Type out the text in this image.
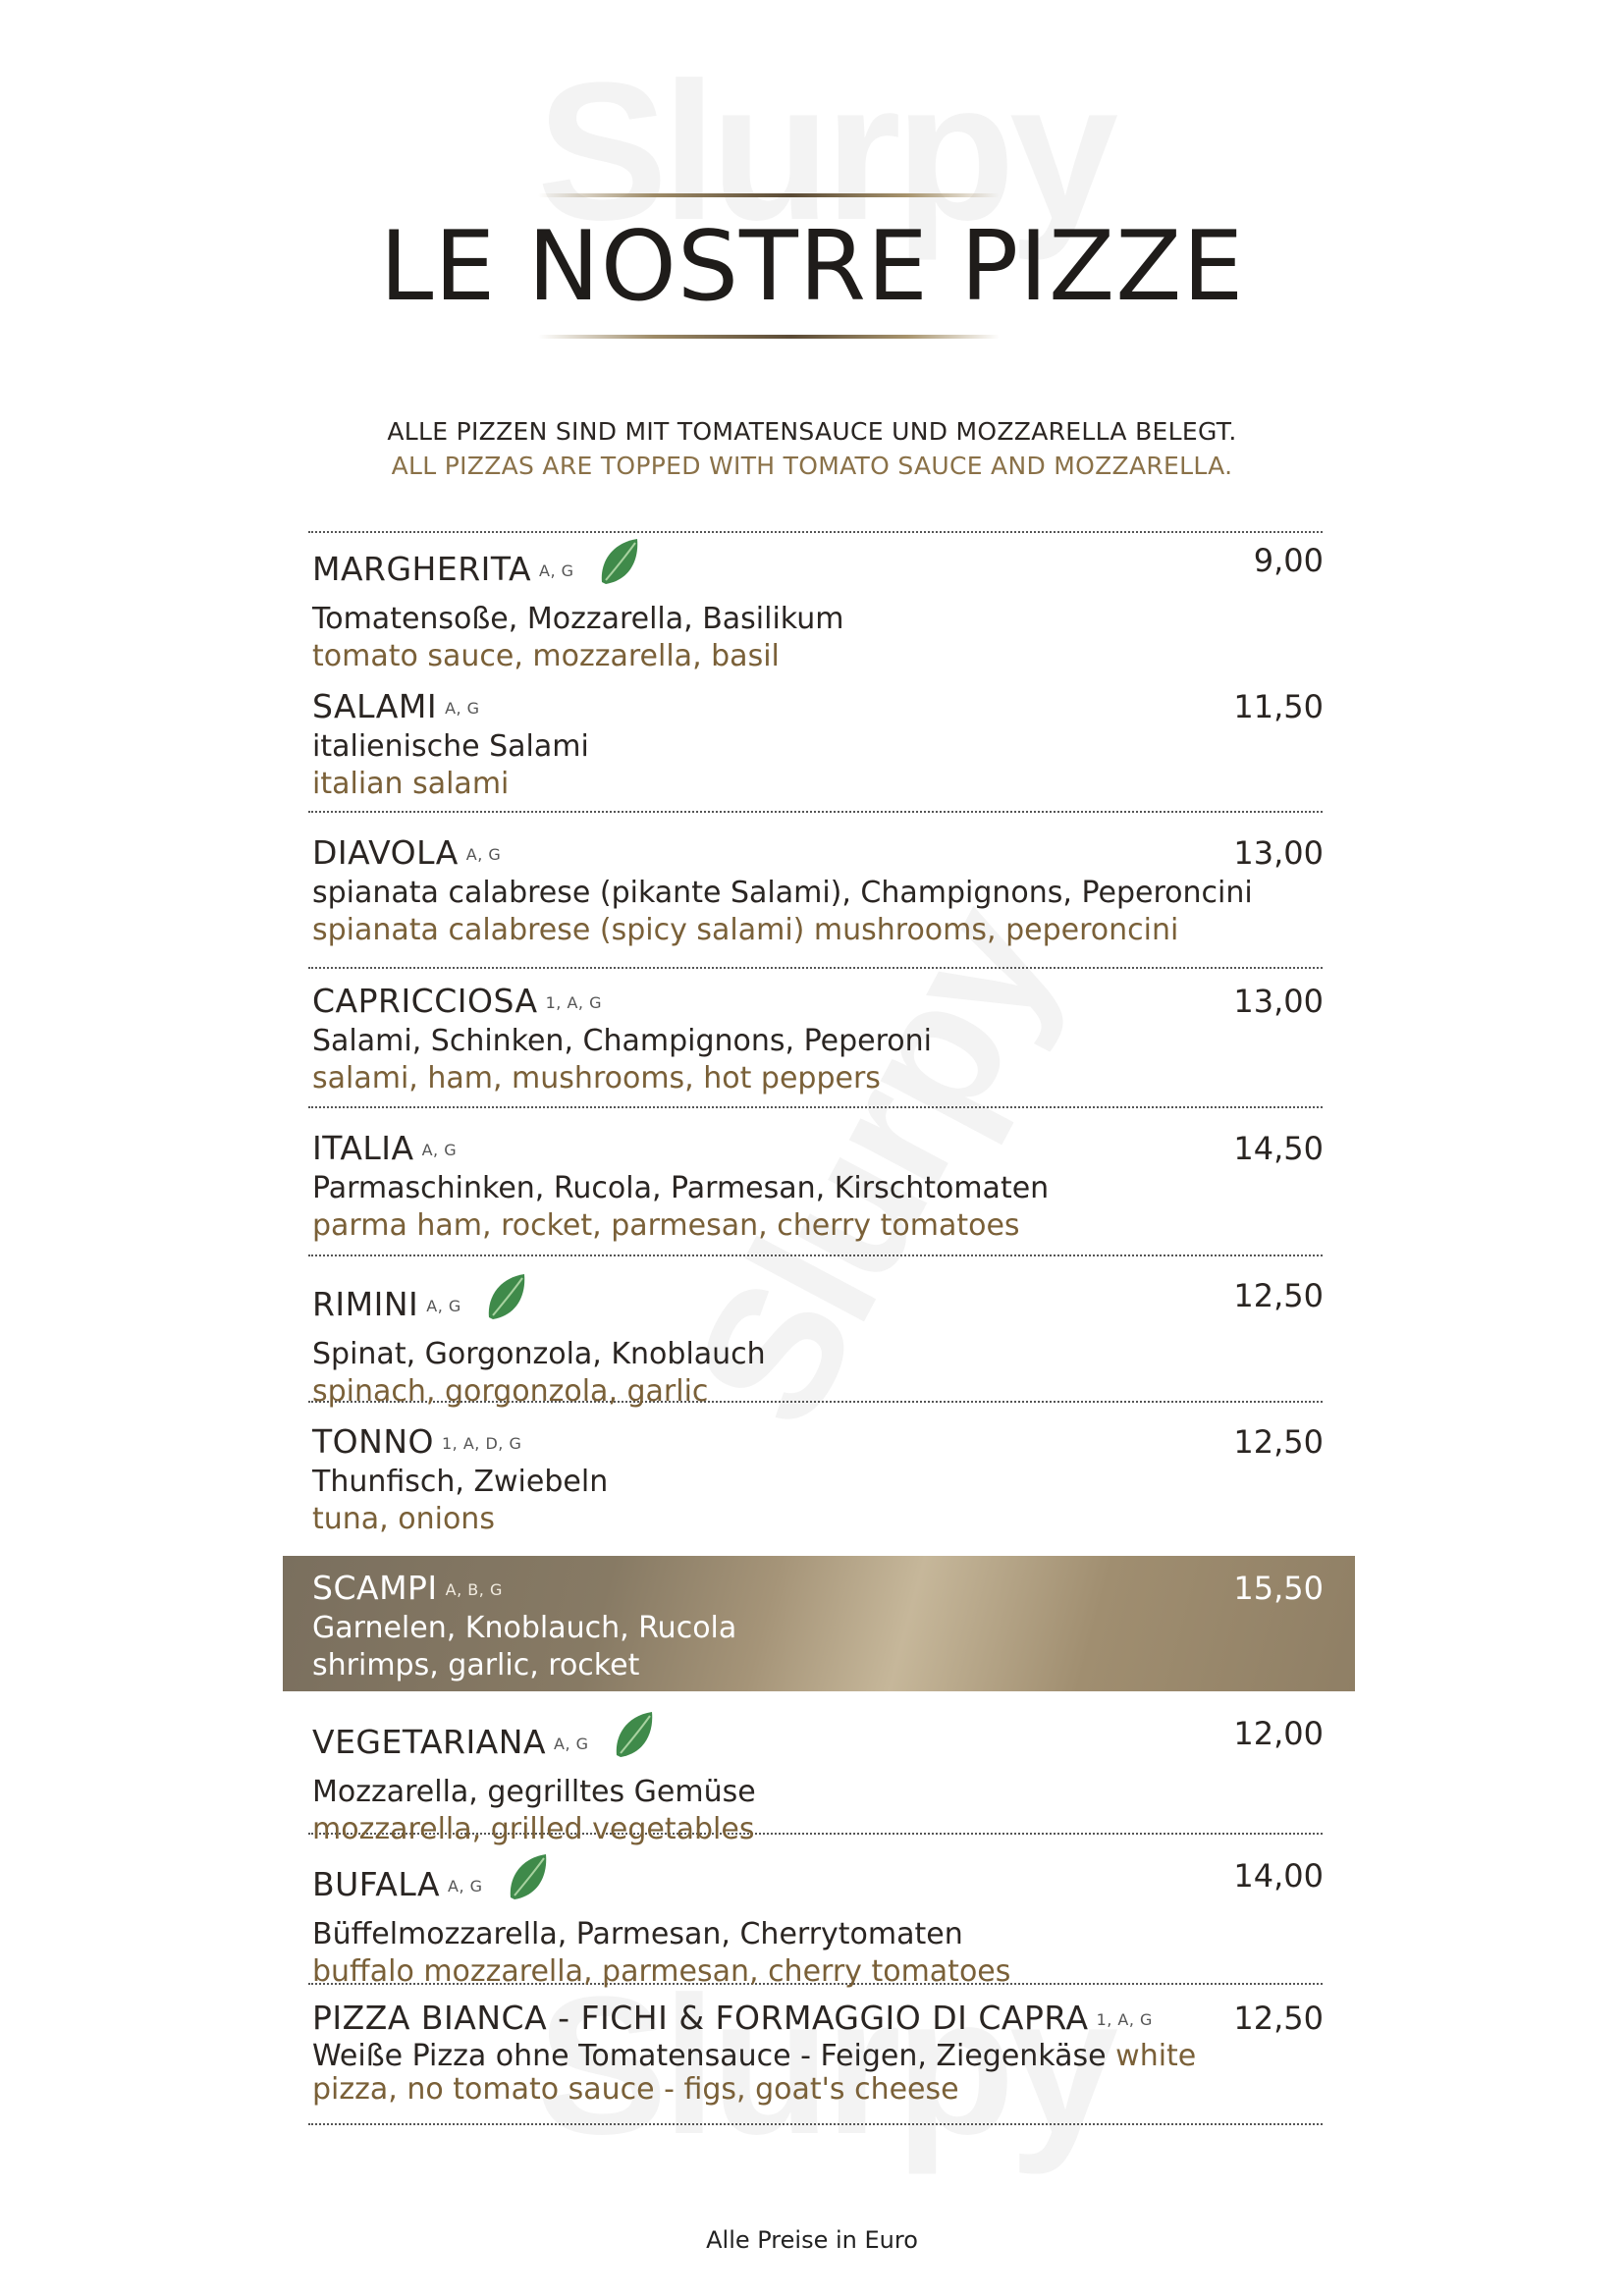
LE NOSTRE PIZZE
ALLE PIZZEN SIND MIT TOMATENSAUCE UND MOZZARELLA BELEGT.
ALL PIZZAS ARE TOPPED WITH TOMATO SAUCE AND MOZZARELLA.
MARGHERITA A, G
Tomatensoße, Mozzarella, Basilikum
tomato sauce, mozzarella, basil
9,00
SALAMI A, G
italienische Salami
italian salami
11,50
DIAVOLA A, G
spianata calabrese (pikante Salami), Champignons, Peperoncini
spianata calabrese (spicy salami) mushrooms, peperoncini
13,00
CAPRICCIOSA 1, A, G
Salami, Schinken, Champignons, Peperoni
salami, ham, mushrooms, hot peppers
13,00
ITALIA A, G
Parmaschinken, Rucola, Parmesan, Kirschtomaten
parma ham, rocket, parmesan, cherry tomatoes
14,50
RIMINI A, G
Spinat, Gorgonzola, Knoblauch
spinach, gorgonzola, garlic
12,50
TONNO 1, A, D, G
Thunfisch, Zwiebeln
tuna, onions
12,50
SCAMPI A, B, G
Garnelen, Knoblauch, Rucola
shrimps, garlic, rocket
15,50
VEGETARIANA A, G
Mozzarella, gegrilltes Gemüse
mozzarella, grilled vegetables
12,00
BUFALA A, G
Büffelmozzarella, Parmesan, Cherrytomaten
buffalo mozzarella, parmesan, cherry tomatoes
14,00
PIZZA BIANCA - FICHI & FORMAGGIO DI CAPRA 1, A, G
Weiße Pizza ohne Tomatensauce - Feigen, Ziegenkäse white pizza, no tomato sauce - figs, goat's cheese
12,50
Alle Preise in Euro
